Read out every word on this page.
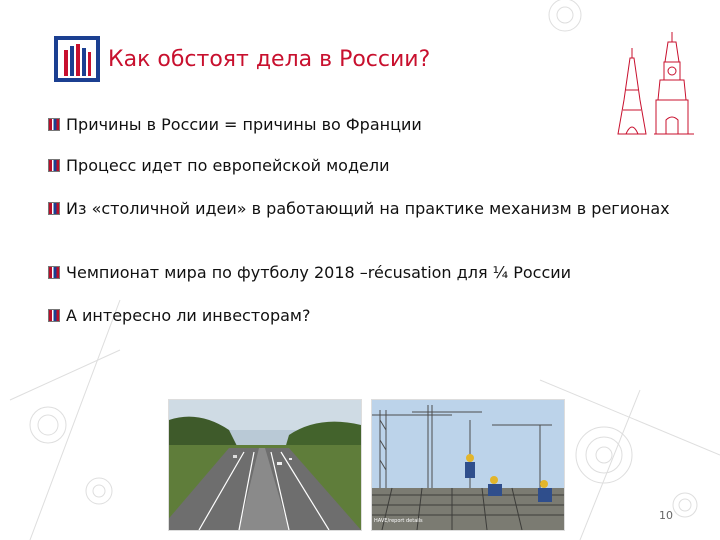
Как обстоят дела в России?
Причины в России = причины во Франции
Процесс идет по европейской модели
Из «столичной идеи» в работающий на практике механизм в регионах
Чемпионат мира по футболу 2018 –récusation для ¼ России
А интересно ли инвесторам?
HAVE/report details	10
